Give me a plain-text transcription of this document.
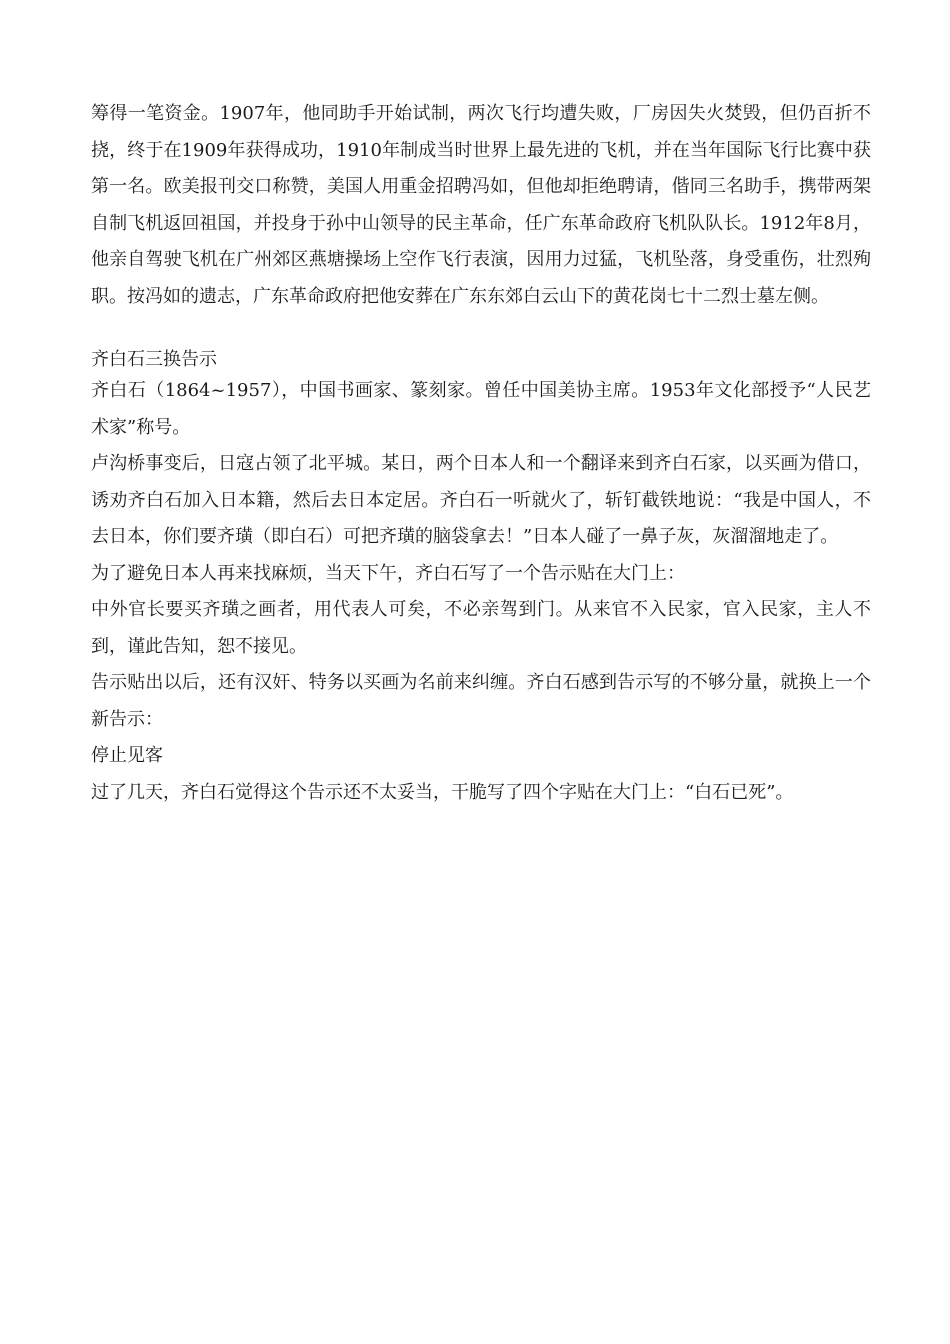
筹得一笔资金。1907年，他同助手开始试制，两次飞行均遭失败，厂房因失火焚毁，但仍百折不挠，终于在1909年获得成功，1910年制成当时世界上最先进的飞机，并在当年国际飞行比赛中获第一名。欧美报刊交口称赞，美国人用重金招聘冯如，但他却拒绝聘请，偕同三名助手，携带两架自制飞机返回祖国，并投身于孙中山领导的民主革命，任广东革命政府飞机队队长。1912年8月，他亲自驾驶飞机在广州郊区燕塘操场上空作飞行表演，因用力过猛，飞机坠落，身受重伤，壮烈殉职。按冯如的遗志，广东革命政府把他安葬在广东东郊白云山下的黄花岗七十二烈士墓左侧。

齐白石三换告示

齐白石（1864~1957），中国书画家、篆刻家。曾任中国美协主席。1953年文化部授予“人民艺术家”称号。

卢沟桥事变后，日寇占领了北平城。某日，两个日本人和一个翻译来到齐白石家，以买画为借口，诱劝齐白石加入日本籍，然后去日本定居。齐白石一听就火了，斩钉截铁地说：“我是中国人，不去日本，你们要齐璜（即白石）可把齐璜的脑袋拿去！”日本人碰了一鼻子灰，灰溜溜地走了。

为了避免日本人再来找麻烦，当天下午，齐白石写了一个告示贴在大门上：

中外官长要买齐璜之画者，用代表人可矣，不必亲驾到门。从来官不入民家，官入民家，主人不到，谨此告知，恕不接见。

告示贴出以后，还有汉奸、特务以买画为名前来纠缠。齐白石感到告示写的不够分量，就换上一个新告示：

停止见客

过了几天，齐白石觉得这个告示还不太妥当，干脆写了四个字贴在大门上：“白石已死”。
